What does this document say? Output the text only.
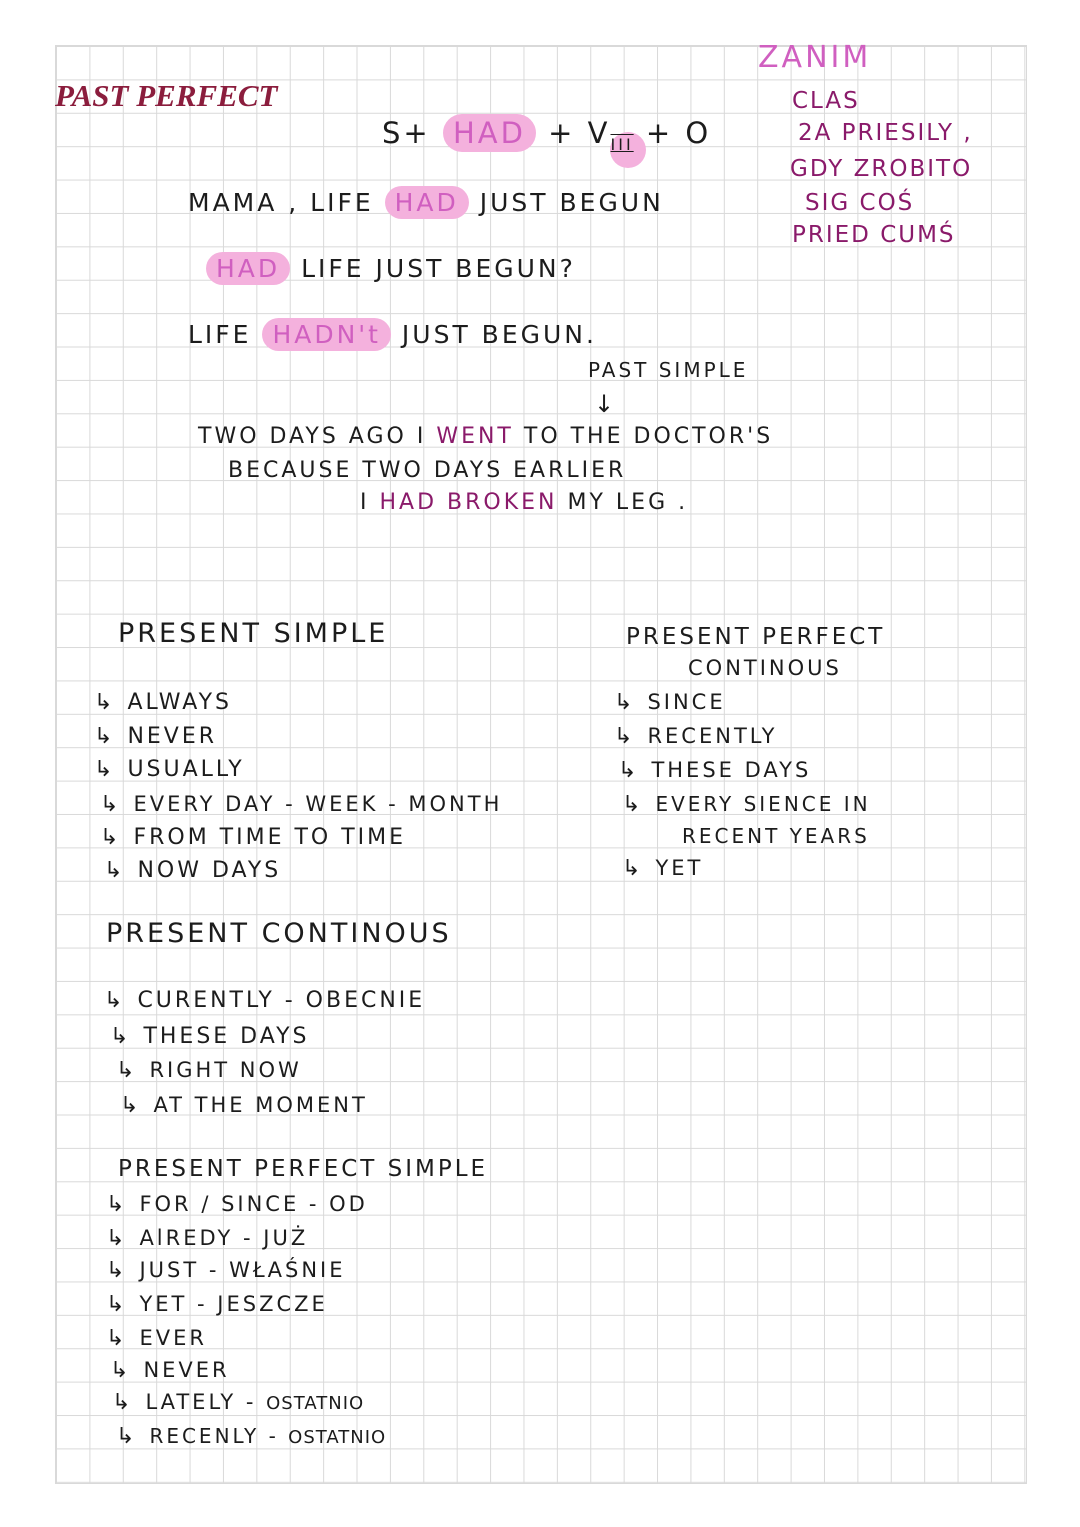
PAST PERFECT
ZANIM
CLAS
2A PRIESILY ,
GDY ZROBITO
SIG COŚ
PRIED CUMŚ
S+ HAD + $V_{III} + O$
MAMA , LIFE HAD JUST BEGUN
HAD LIFE JUST BEGUN?
LIFE HADN't JUST BEGUN.
PAST SIMPLE
↓
TWO DAYS AGO I WENT TO THE DOCTOR'S
BECAUSE TWO DAYS EARLIER
I HAD BROKEN MY LEG .
PRESENT SIMPLE
↳ ALWAYS
↳ NEVER
↳ USUALLY
↳ EVERY DAY - WEEK - MONTH
↳ FROM TIME TO TIME
↳ NOW DAYS
PRESENT PERFECT
CONTINOUS
↳ SINCE
↳ RECENTLY
↳ THESE DAYS
↳ EVERY SIENCE IN
RECENT YEARS
↳ YET
PRESENT CONTINOUS
↳ CURENTLY - OBECNIE
↳ THESE DAYS
↳ RIGHT NOW
↳ AT THE MOMENT
PRESENT PERFECT SIMPLE
↳ FOR / SINCE - OD
↳ AlREDY - JUŻ
↳ JUST - WŁAŚNIE
↳ YET - JESZCZE
↳ EVER
↳ NEVER
↳ LATELY - OSTATNIO
↳ RECENLY - OSTATNIO
